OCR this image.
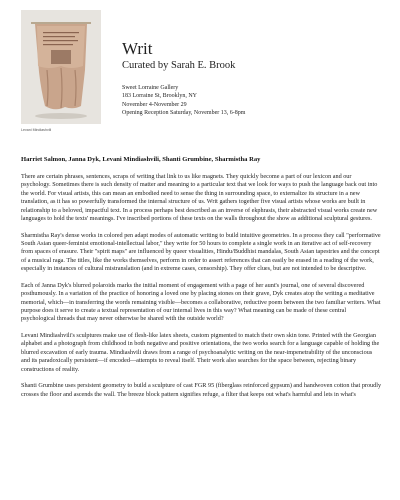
Levani Mindiashvili
Writ
Curated by Sarah E. Brook
Sweet Lorraine Gallery
183 Lorraine St, Brooklyn, NY
November 4-November 29
Opening Reception Saturday, November 13, 6-8pm
Harriet Salmon, Janna Dyk, Levani Mindiashvili, Shanti Grumbine, Sharmistha Ray

There are certain phrases, sentences, scraps of writing that link to us like magnets. They quickly become a part of our lexicon and our psychology. Sometimes there is such density of matter and meaning to a particular text that we look for ways to push the language back out into the world. For visual artists, this can mean an embodied need to sense the thing in surrounding space, to externalize its structure in a new translation, as it has so powerfully transformed the internal structure of us. Writ gathers together five visual artists whose works are built in relationship to a beloved, impactful text. In a process perhaps best described as an inverse of ekphrasis, their abstracted visual works create new languages to hold the texts' meanings. I've inscribed portions of these texts on the walls throughout the show as additional sculptural gestures.

Sharmistha Ray's dense works in colored pen adapt modes of automatic writing to build intuitive geometries. In a process they call "performative South Asian queer-feminist emotional-intellectual labor," they write for 50 hours to complete a single work in an iterative act of self-recovery from spaces of erasure. Their "spirit maps" are influenced by queer visualities, Hindu/Buddhist mandalas, South Asian tapestries and the concept of a musical raga. The titles, like the works themselves, perform in order to assert references that can easily be erased in a reading of the work, especially in instances of cultural mistranslation (and in extreme cases, censorship). They offer clues, but are not intended to be descriptive.

Each of Janna Dyk's blurred polaroids marks the initial moment of engagement with a page of her aunt's journal, one of several discovered posthumously. In a variation of the practice of honoring a loved one by placing stones on their grave, Dyk creates atop the writing a meditative memorial, which—in transferring the words remaining visible—becomes a collaborative, reductive poem between the two familiar writers. What purpose does it serve to create a textual representation of our internal lives in this way? What meaning can be made of these central psychological threads that may never otherwise be shared with the outside world?

Levani Mindiashvili's sculptures make use of flesh-like latex sheets, custom pigmented to match their own skin tone. Printed with the Georgian alphabet and a photograph from childhood in both negative and positive orientations, the two works search for a language capable of holding the blurred excavation of early trauma. Mindiashvili draws from a range of psychoanalytic writing on the near-impenetrability of the unconscious and its paradoxically persistent—if encoded—attempts to reveal itself. Their work also searches for the space between, rejecting binary constructions of reality.

Shanti Grumbine uses persistent geometry to build a sculpture of cast FGR 95 (fiberglass reinforced gypsum) and handwoven cotton that proudly crosses the floor and ascends the wall. The breeze block pattern signifies refuge, a filter that keeps out what's harmful and lets in what's
